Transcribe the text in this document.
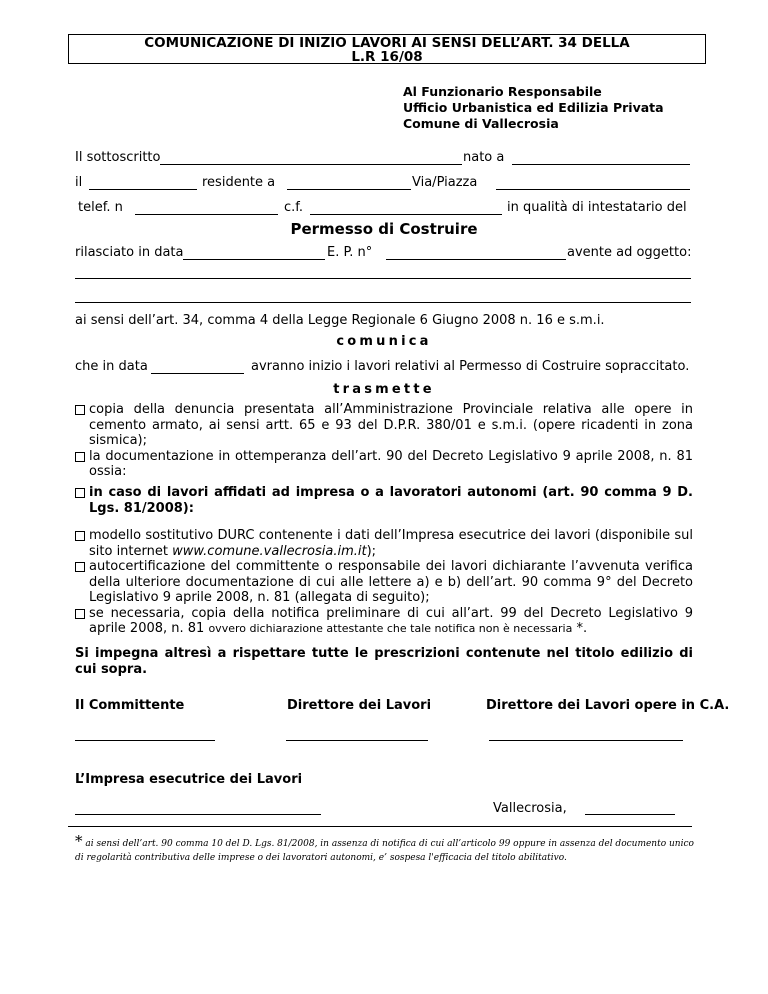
COMUNICAZIONE DI INIZIO LAVORI AI SENSI DELL’ART. 34 DELLA
L.R 16/08
Al Funzionario Responsabile
Ufficio Urbanistica ed Edilizia Privata
Comune di Vallecrosia
Il sottoscritto	nato a
il	residente a	Via/Piazza
telef. n	c.f.	in qualità di intestatario del
Permesso di Costruire
rilasciato in data	E. P. n°	avente ad oggetto:
ai sensi dell’art. 34, comma 4 della Legge Regionale 6 Giugno 2008 n. 16 e s.m.i.
comunica
che in data	avranno inizio i lavori relativi al Permesso di Costruire sopraccitato.
trasmette
copia della denuncia presentata all’Amministrazione Provinciale relativa alle opere in cemento armato, ai sensi artt. 65 e 93 del D.P.R. 380/01 e s.m.i. (opere ricadenti in zona sismica);
la documentazione in ottemperanza dell’art. 90 del Decreto Legislativo 9 aprile 2008, n. 81 ossia:
in caso di lavori affidati ad impresa o a lavoratori autonomi (art. 90 comma 9 D. Lgs. 81/2008):
modello sostitutivo DURC contenente i dati dell’Impresa esecutrice dei lavori (disponibile sul sito internet www.comune.vallecrosia.im.it);
autocertificazione del committente o responsabile dei lavori dichiarante l’avvenuta verifica della ulteriore documentazione di cui alle lettere a) e b) dell’art. 90 comma 9° del Decreto Legislativo 9 aprile 2008, n. 81 (allegata di seguito);
se necessaria, copia della notifica preliminare di cui all’art. 99 del Decreto Legislativo 9 aprile 2008, n. 81 ovvero dichiarazione attestante che tale notifica non è necessaria *.
Si impegna altresì a rispettare tutte le prescrizioni contenute nel titolo edilizio di cui sopra.
Il Committente	Direttore dei Lavori	Direttore dei Lavori opere in C.A.
L’Impresa esecutrice dei Lavori
Vallecrosia,
* ai sensi dell’art. 90 comma 10 del D. Lgs. 81/2008, in assenza di notifica di cui all’articolo 99 oppure in assenza del documento unico di regolarità contributiva delle imprese o dei lavoratori autonomi, e’ sospesa l'efficacia del titolo abilitativo.
